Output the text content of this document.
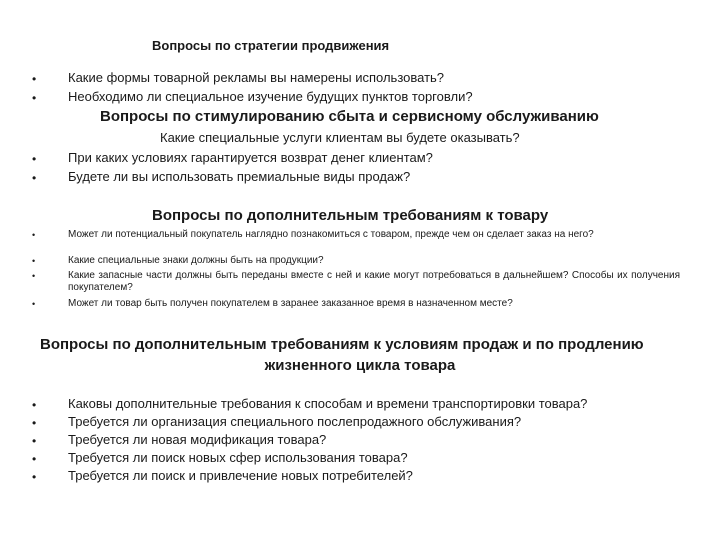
Вопросы по стратегии продвижения
• Какие формы товарной рекламы вы намерены использовать?
• Необходимо ли специальное изучение будущих пунктов торговли?
Вопросы по стимулированию сбыта и сервисному обслуживанию
Какие специальные услуги клиентам вы будете оказывать?
• При каких условиях гарантируется возврат денег клиентам?
• Будете ли вы использовать премиальные виды продаж?
Вопросы по дополнительным требованиям к товару
•	Может ли потенциальный покупатель наглядно познакомиться с товаром, прежде чем он сделает заказ на него?
•	Какие специальные знаки должны быть на продукции?
•	Какие запасные части должны быть переданы вместе с ней и какие могут потребоваться в дальнейшем? Способы их получения покупателем?
•	Может ли товар быть получен покупателем в заранее заказанное время в назначенном месте?
Вопросы по дополнительным требованиям к условиям продаж и по продлению
жизненного цикла товара
• Каковы дополнительные требования к способам и времени транспортировки товара?
• Требуется ли организация специального послепродажного обслуживания?
• Требуется ли новая модификация товара?
• Требуется ли поиск новых сфер использования товара?
• Требуется ли поиск и привлечение новых потребителей?
